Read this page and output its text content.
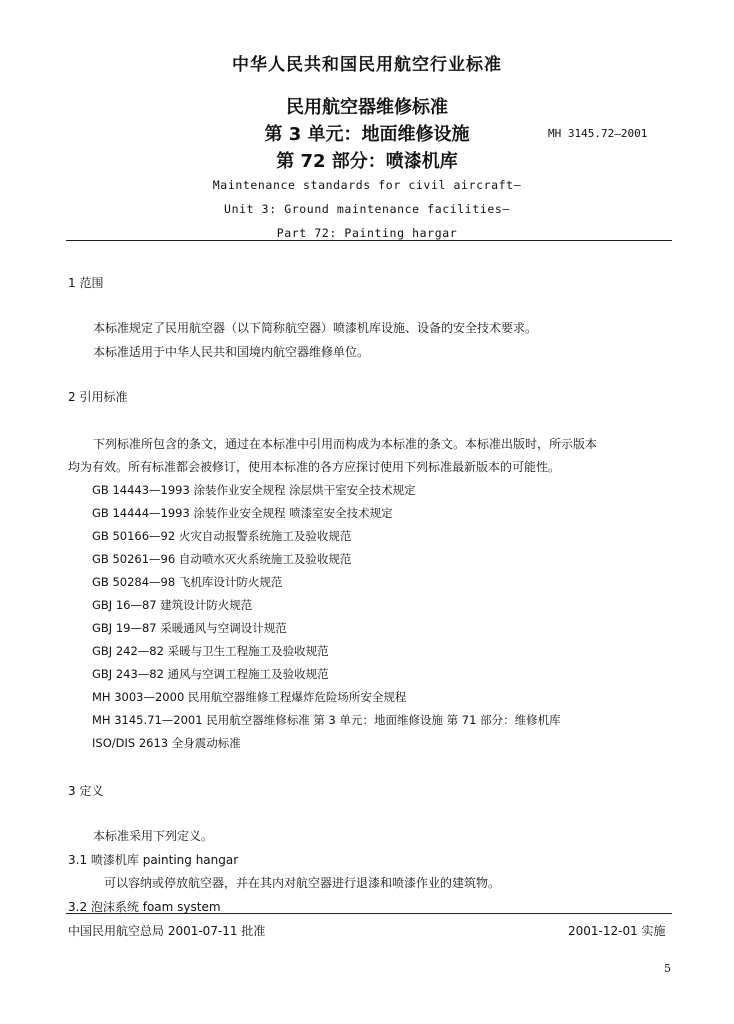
中华人民共和国民用航空行业标准
民用航空器维修标准
第 3 单元：地面维修设施	MH 3145.72—2001
第 72 部分：喷漆机库
Maintenance standards for civil aircraft—
Unit 3: Ground maintenance facilities—
Part 72: Painting hargar
1 范围
本标准规定了民用航空器（以下简称航空器）喷漆机库设施、设备的安全技术要求。
本标准适用于中华人民共和国境内航空器维修单位。
2 引用标准
下列标准所包含的条文，通过在本标准中引用而构成为本标准的条文。本标准出版时，所示版本
均为有效。所有标准都会被修订，使用本标准的各方应探讨使用下列标准最新版本的可能性。
GB 14443—1993 涂装作业安全规程 涂层烘干室安全技术规定
GB 14444—1993 涂装作业安全规程 喷漆室安全技术规定
GB 50166—92 火灾自动报警系统施工及验收规范
GB 50261—96 自动喷水灭火系统施工及验收规范
GB 50284—98 飞机库设计防火规范
GBJ 16—87 建筑设计防火规范
GBJ 19—87 采暖通风与空调设计规范
GBJ 242—82 采暖与卫生工程施工及验收规范
GBJ 243—82 通风与空调工程施工及验收规范
MH 3003—2000 民用航空器维修工程爆炸危险场所安全规程
MH 3145.71—2001 民用航空器维修标准 第 3 单元：地面维修设施 第 71 部分：维修机库
ISO/DIS 2613 全身震动标准
3 定义
本标准采用下列定义。
3.1 喷漆机库 painting hangar
可以容纳或停放航空器，并在其内对航空器进行退漆和喷漆作业的建筑物。
3.2 泡沫系统 foam system
中国民用航空总局 2001-07-11 批准	2001-12-01 实施
5
